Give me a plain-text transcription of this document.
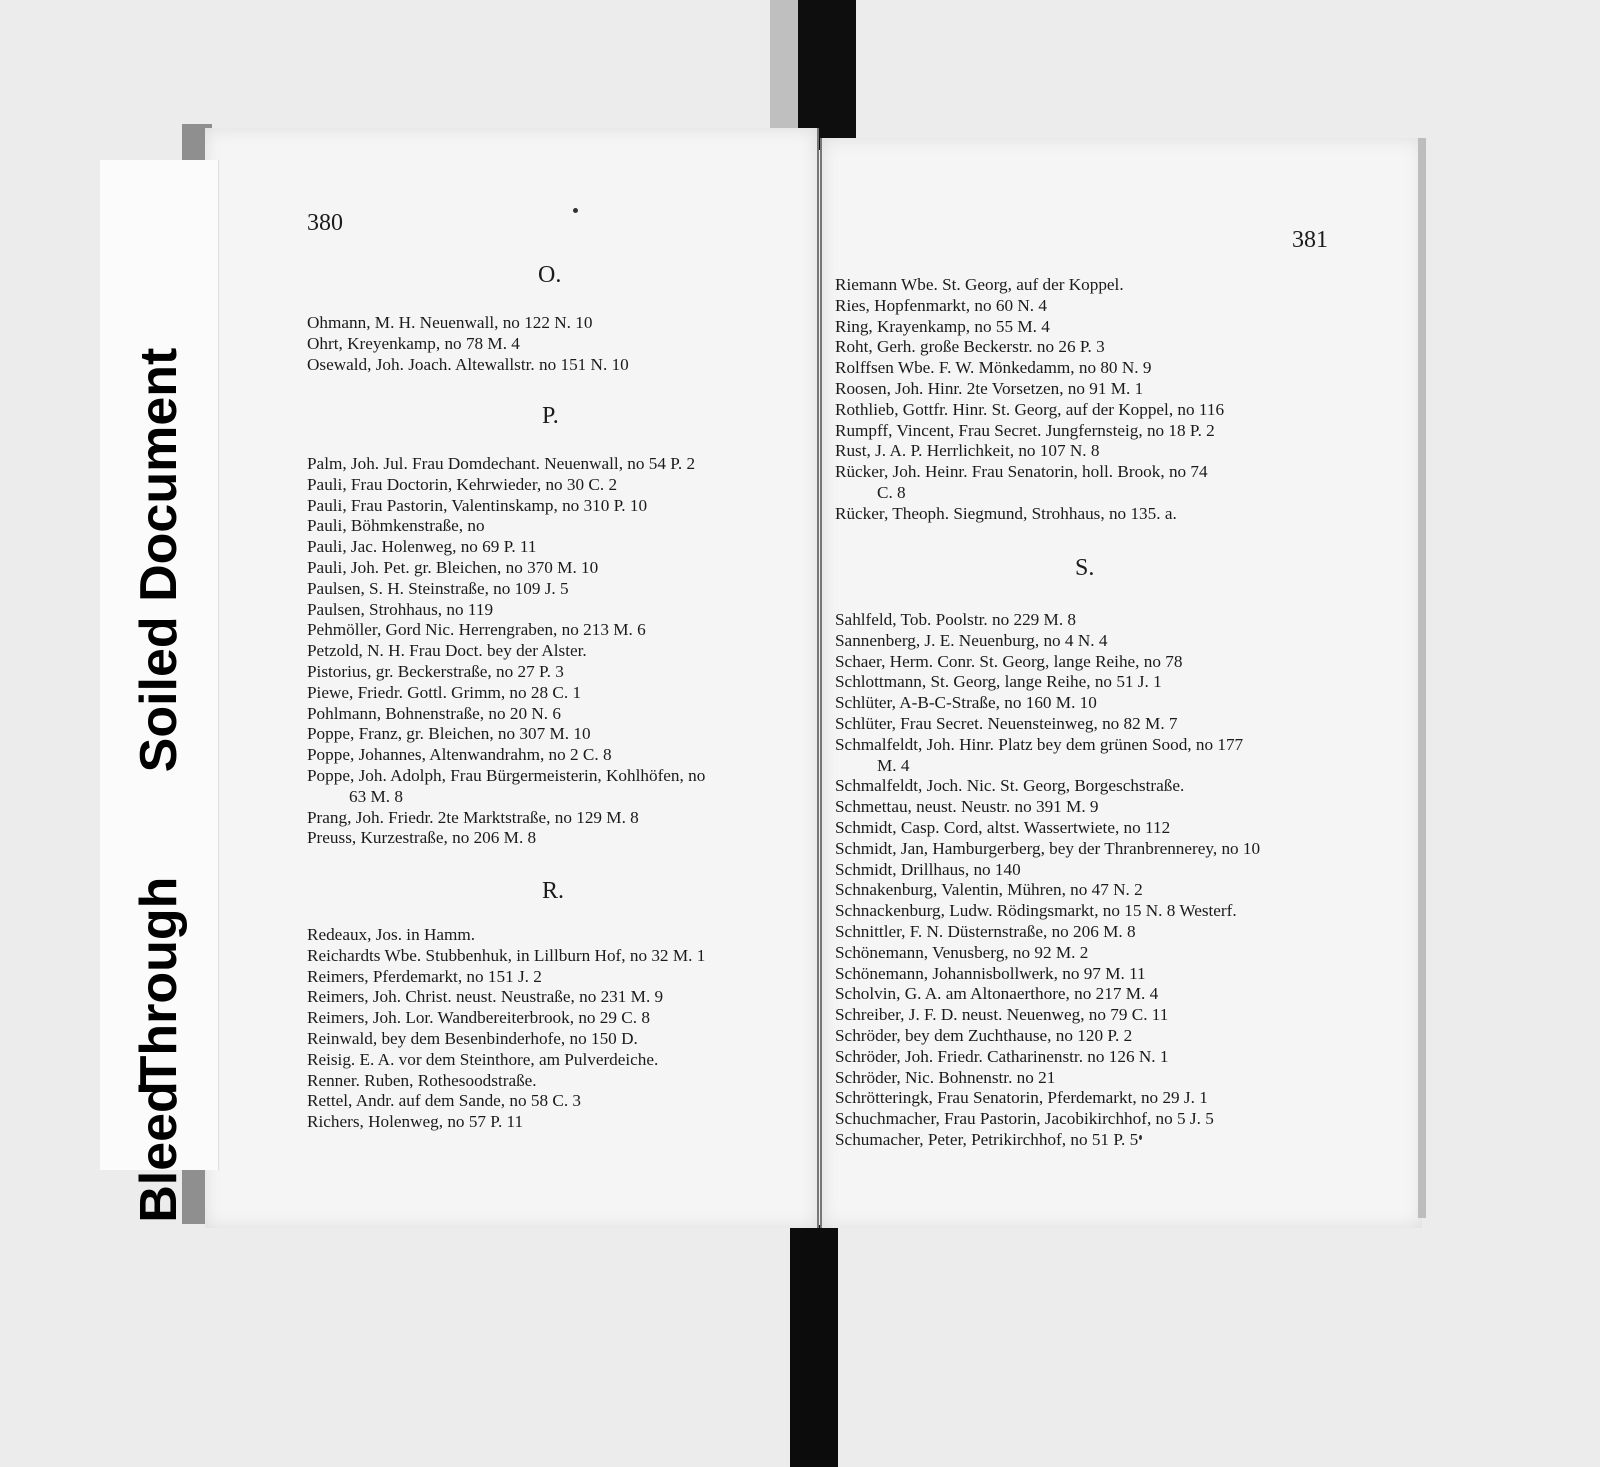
Soiled Document
Through
Bleed
380
381
O.
Ohmann, M. H. Neuenwall, no 122 N. 10
Ohrt, Kreyenkamp, no 78 M. 4
Osewald, Joh. Joach. Altewallstr. no 151 N. 10
P.
Palm, Joh. Jul. Frau Domdechant. Neuenwall, no 54 P. 2
Pauli, Frau Doctorin, Kehrwieder, no 30 C. 2
Pauli, Frau Pastorin, Valentinskamp, no 310 P. 10
Pauli, Böhmkenstraße, no
Pauli, Jac. Holenweg, no 69 P. 11
Pauli, Joh. Pet. gr. Bleichen, no 370 M. 10
Paulsen, S. H. Steinstraße, no 109 J. 5
Paulsen, Strohhaus, no 119
Pehmöller, Gord Nic. Herrengraben, no 213 M. 6
Petzold, N. H. Frau Doct. bey der Alster.
Pistorius, gr. Beckerstraße, no 27 P. 3
Piewe, Friedr. Gottl. Grimm, no 28 C. 1
Pohlmann, Bohnenstraße, no 20 N. 6
Poppe, Franz, gr. Bleichen, no 307 M. 10
Poppe, Johannes, Altenwandrahm, no 2 C. 8
Poppe, Joh. Adolph, Frau Bürgermeisterin, Kohlhöfen, no
63 M. 8
Prang, Joh. Friedr. 2te Marktstraße, no 129 M. 8
Preuss, Kurzestraße, no 206 M. 8
R.
Redeaux, Jos. in Hamm.
Reichardts Wbe. Stubbenhuk, in Lillburn Hof, no 32 M. 1
Reimers, Pferdemarkt, no 151 J. 2
Reimers, Joh. Christ. neust. Neustraße, no 231 M. 9
Reimers, Joh. Lor. Wandbereiterbrook, no 29 C. 8
Reinwald, bey dem Besenbinderhofe, no 150 D.
Reisig. E. A. vor dem Steinthore, am Pulverdeiche.
Renner. Ruben, Rothesoodstraße.
Rettel, Andr. auf dem Sande, no 58 C. 3
Richers, Holenweg, no 57 P. 11
Riemann Wbe. St. Georg, auf der Koppel.
Ries, Hopfenmarkt, no 60 N. 4
Ring, Krayenkamp, no 55 M. 4
Roht, Gerh. große Beckerstr. no 26 P. 3
Rolffsen Wbe. F. W. Mönkedamm, no 80 N. 9
Roosen, Joh. Hinr. 2te Vorsetzen, no 91 M. 1
Rothlieb, Gottfr. Hinr. St. Georg, auf der Koppel, no 116
Rumpff, Vincent, Frau Secret. Jungfernsteig, no 18 P. 2
Rust, J. A. P. Herrlichkeit, no 107 N. 8
Rücker, Joh. Heinr. Frau Senatorin, holl. Brook, no 74
C. 8
Rücker, Theoph. Siegmund, Strohhaus, no 135. a.
S.
Sahlfeld, Tob. Poolstr. no 229 M. 8
Sannenberg, J. E. Neuenburg, no 4 N. 4
Schaer, Herm. Conr. St. Georg, lange Reihe, no 78
Schlottmann, St. Georg, lange Reihe, no 51 J. 1
Schlüter, A-B-C-Straße, no 160 M. 10
Schlüter, Frau Secret. Neuensteinweg, no 82 M. 7
Schmalfeldt, Joh. Hinr. Platz bey dem grünen Sood, no 177
M. 4
Schmalfeldt, Joch. Nic. St. Georg, Borgeschstraße.
Schmettau, neust. Neustr. no 391 M. 9
Schmidt, Casp. Cord, altst. Wassertwiete, no 112
Schmidt, Jan, Hamburgerberg, bey der Thranbrennerey, no 10
Schmidt, Drillhaus, no 140
Schnakenburg, Valentin, Mühren, no 47 N. 2
Schnackenburg, Ludw. Rödingsmarkt, no 15 N. 8 Westerf.
Schnittler, F. N. Düsternstraße, no 206 M. 8
Schönemann, Venusberg, no 92 M. 2
Schönemann, Johannisbollwerk, no 97 M. 11
Scholvin, G. A. am Altonaerthore, no 217 M. 4
Schreiber, J. F. D. neust. Neuenweg, no 79 C. 11
Schröder, bey dem Zuchthause, no 120 P. 2
Schröder, Joh. Friedr. Catharinenstr. no 126 N. 1
Schröder, Nic. Bohnenstr. no 21
Schrötteringk, Frau Senatorin, Pferdemarkt, no 29 J. 1
Schuchmacher, Frau Pastorin, Jacobikirchhof, no 5 J. 5
Schumacher, Peter, Petrikirchhof, no 51 P. 5
